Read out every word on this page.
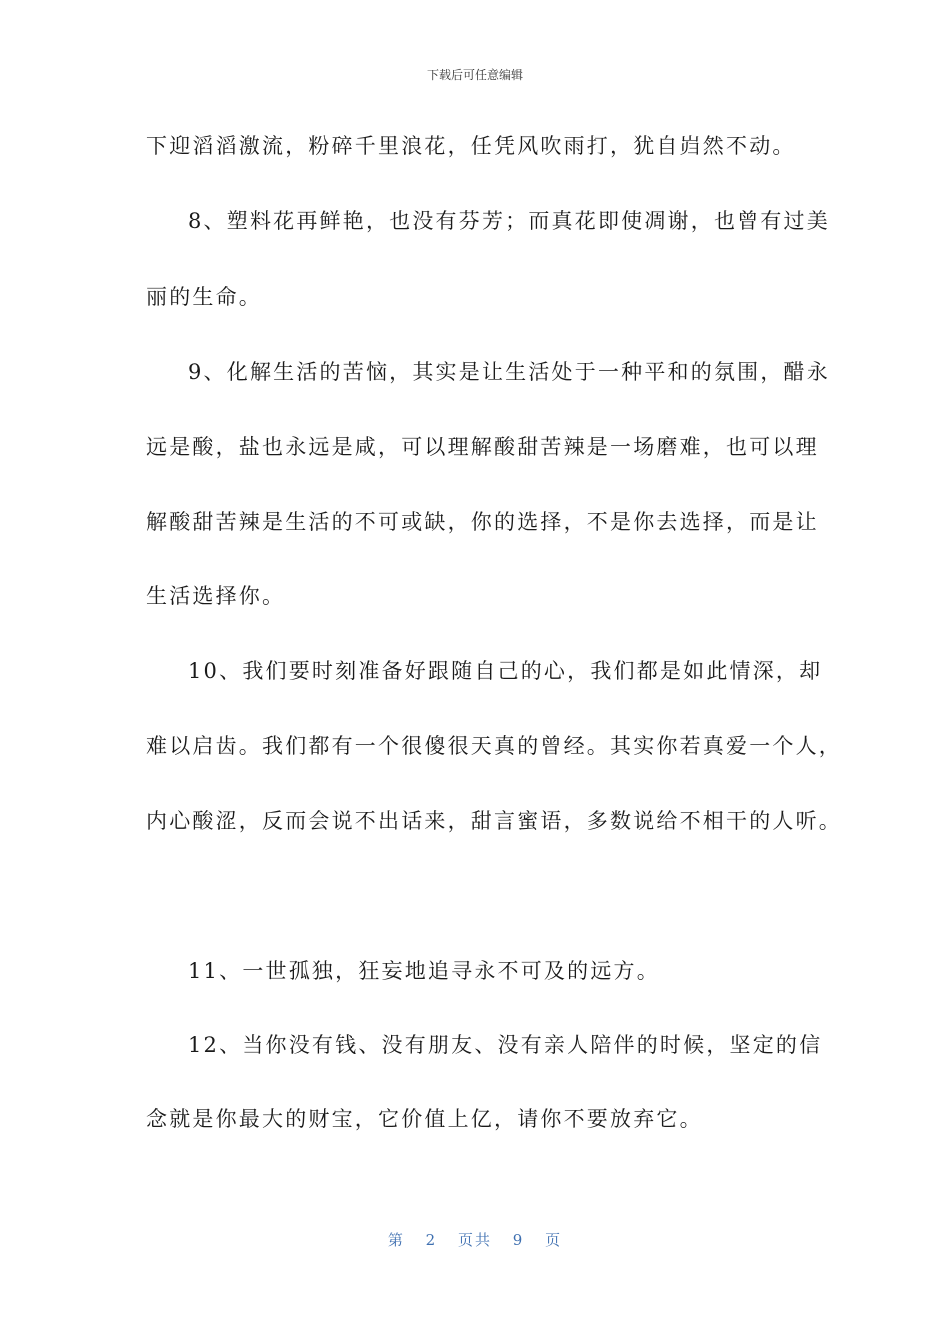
下载后可任意编辑
下迎滔滔激流，粉碎千里浪花，任凭风吹雨打，犹自岿然不动。
8、塑料花再鲜艳，也没有芬芳；而真花即使凋谢，也曾有过美
丽的生命。
9、化解生活的苦恼，其实是让生活处于一种平和的氛围，醋永
远是酸，盐也永远是咸，可以理解酸甜苦辣是一场磨难，也可以理
解酸甜苦辣是生活的不可或缺，你的选择，不是你去选择，而是让
生活选择你。
10、我们要时刻准备好跟随自己的心，我们都是如此情深，却
难以启齿。我们都有一个很傻很天真的曾经。其实你若真爱一个人，
内心酸涩，反而会说不出话来，甜言蜜语，多数说给不相干的人听。
11、一世孤独，狂妄地追寻永不可及的远方。
12、当你没有钱、没有朋友、没有亲人陪伴的时候，坚定的信
念就是你最大的财宝，它价值上亿，请你不要放弃它。
第 2 页共 9 页
